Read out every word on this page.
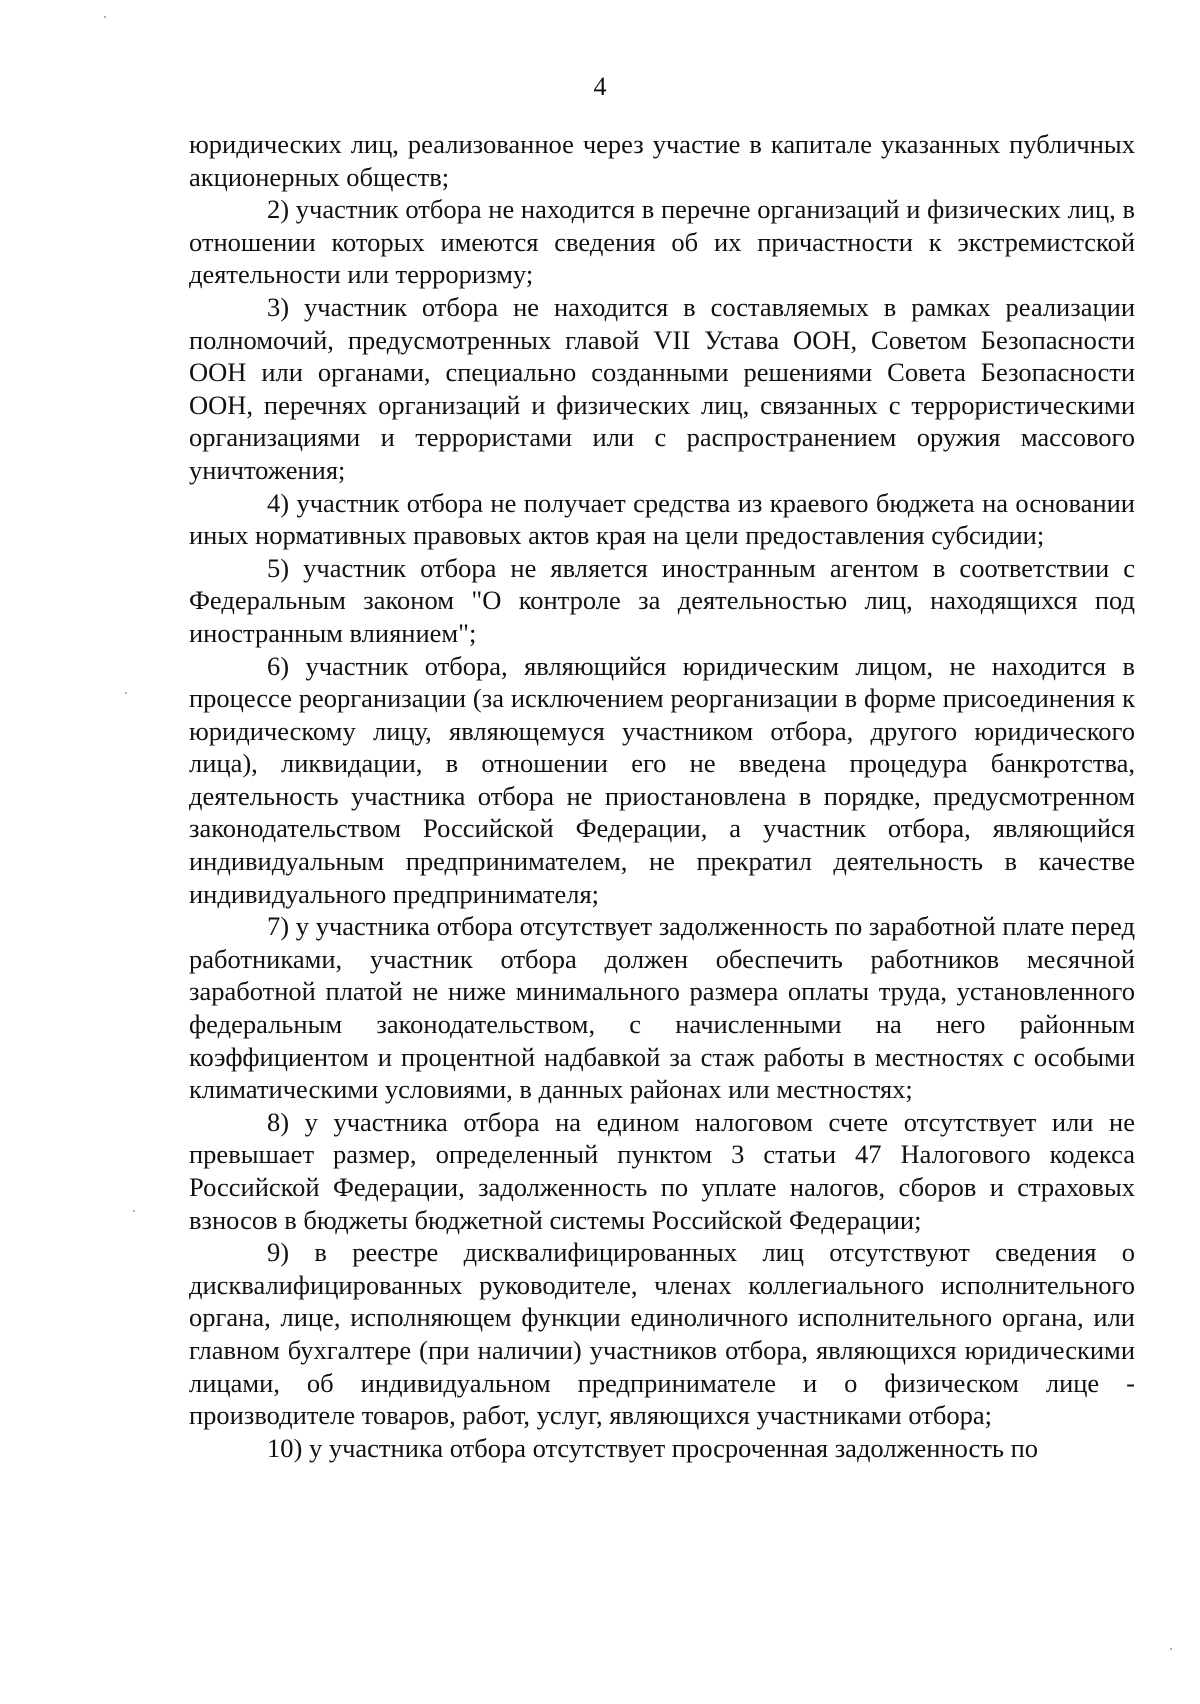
4

юридических лиц, реализованное через участие в капитале указанных публичных акционерных обществ;

2) участник отбора не находится в перечне организаций и физических лиц, в отношении которых имеются сведения об их причастности к экстремистской деятельности или терроризму;

3) участник отбора не находится в составляемых в рамках реализации полномочий, предусмотренных главой VII Устава ООН, Советом Безопасности ООН или органами, специально созданными решениями Совета Безопасности ООН, перечнях организаций и физических лиц, связанных с террористическими организациями и террористами или с распространением оружия массового уничтожения;

4) участник отбора не получает средства из краевого бюджета на основании иных нормативных правовых актов края на цели предоставления субсидии;

5) участник отбора не является иностранным агентом в соответствии с Федеральным законом "О контроле за деятельностью лиц, находящихся под иностранным влиянием";

6) участник отбора, являющийся юридическим лицом, не находится в процессе реорганизации (за исключением реорганизации в форме присоединения к юридическому лицу, являющемуся участником отбора, другого юридического лица), ликвидации, в отношении его не введена процедура банкротства, деятельность участника отбора не приостановлена в порядке, предусмотренном законодательством Российской Федерации, а участник отбора, являющийся индивидуальным предпринимателем, не прекратил деятельность в качестве индивидуального предпринимателя;

7) у участника отбора отсутствует задолженность по заработной плате перед работниками, участник отбора должен обеспечить работников месячной заработной платой не ниже минимального размера оплаты труда, установленного федеральным законодательством, с начисленными на него районным коэффициентом и процентной надбавкой за стаж работы в местностях с особыми климатическими условиями, в данных районах или местностях;

8) у участника отбора на едином налоговом счете отсутствует или не превышает размер, определенный пунктом 3 статьи 47 Налогового кодекса Российской Федерации, задолженность по уплате налогов, сборов и страховых взносов в бюджеты бюджетной системы Российской Федерации;

9) в реестре дисквалифицированных лиц отсутствуют сведения о дисквалифицированных руководителе, членах коллегиального исполнительного органа, лице, исполняющем функции единоличного исполнительного органа, или главном бухгалтере (при наличии) участников отбора, являющихся юридическими лицами, об индивидуальном предпринимателе и о физическом лице - производителе товаров, работ, услуг, являющихся участниками отбора;

10) у участника отбора отсутствует просроченная задолженность по
